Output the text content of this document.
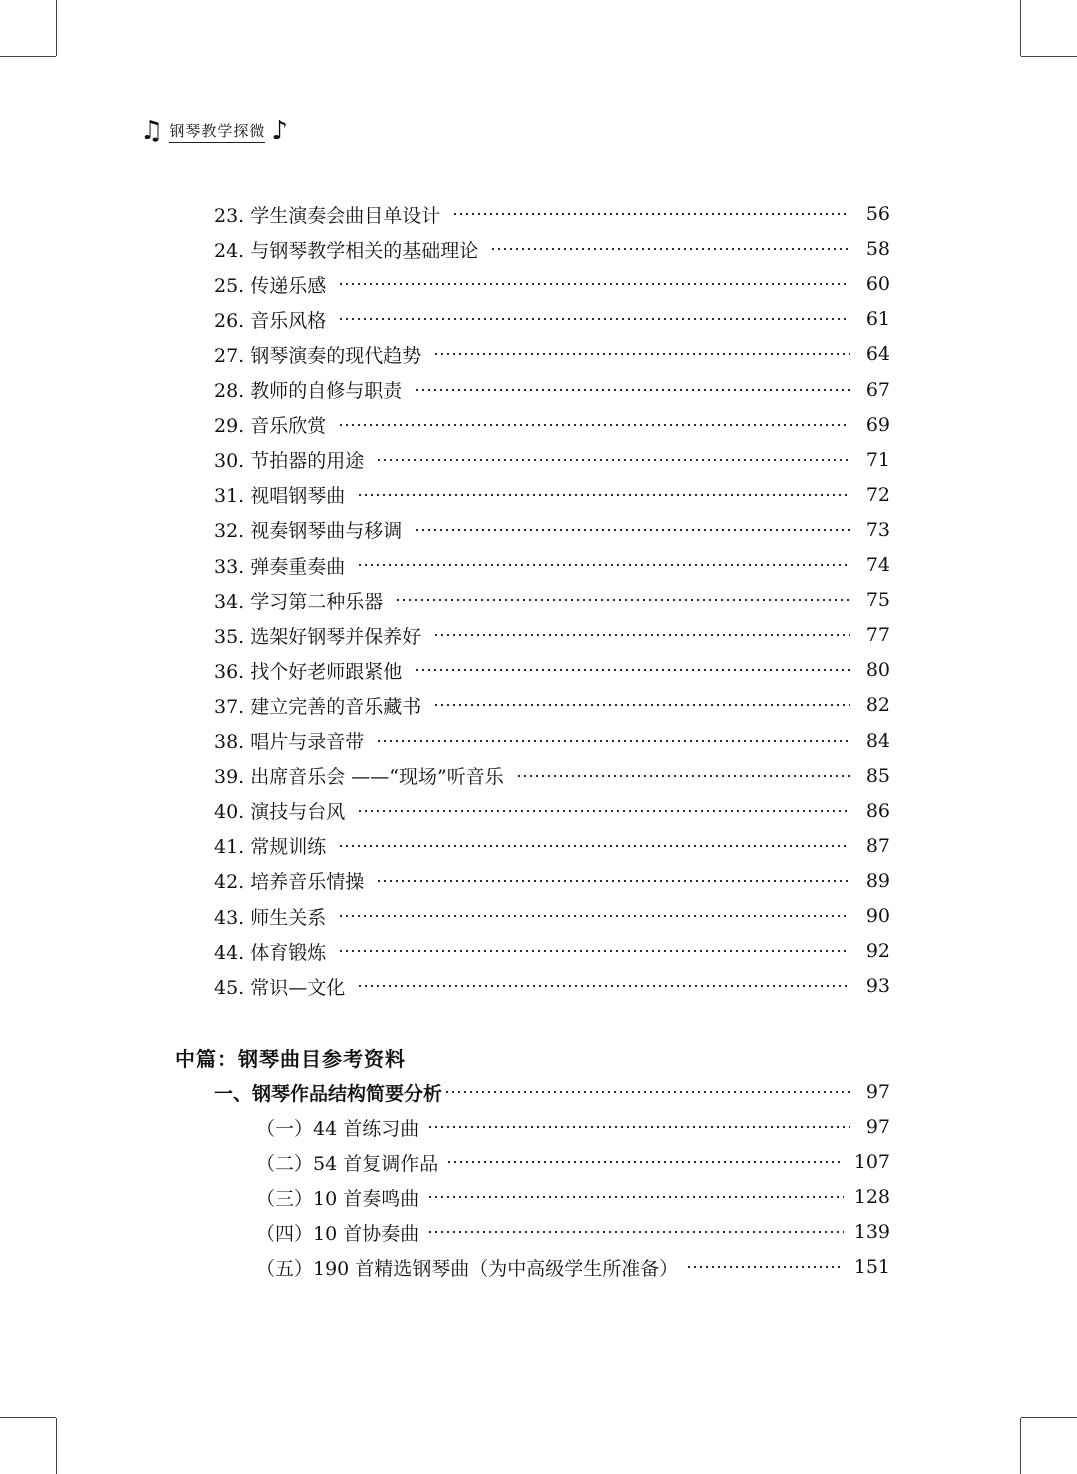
♫ 钢琴教学探微 ♪
23. 学生演奏会曲目单设计	56
24. 与钢琴教学相关的基础理论	58
25. 传递乐感	60
26. 音乐风格	61
27. 钢琴演奏的现代趋势	64
28. 教师的自修与职责	67
29. 音乐欣赏	69
30. 节拍器的用途	71
31. 视唱钢琴曲	72
32. 视奏钢琴曲与移调	73
33. 弹奏重奏曲	74
34. 学习第二种乐器	75
35. 选架好钢琴并保养好	77
36. 找个好老师跟紧他	80
37. 建立完善的音乐藏书	82
38. 唱片与录音带	84
39. 出席音乐会 ——“现场”听音乐	85
40. 演技与台风	86
41. 常规训练	87
42. 培养音乐情操	89
43. 师生关系	90
44. 体育锻炼	92
45. 常识—文化	93
中篇：钢琴曲目参考资料
一、钢琴作品结构简要分析	97
（一）44 首练习曲	97
（二）54 首复调作品	107
（三）10 首奏鸣曲	128
（四）10 首协奏曲	139
（五）190 首精选钢琴曲（为中高级学生所准备）	151
